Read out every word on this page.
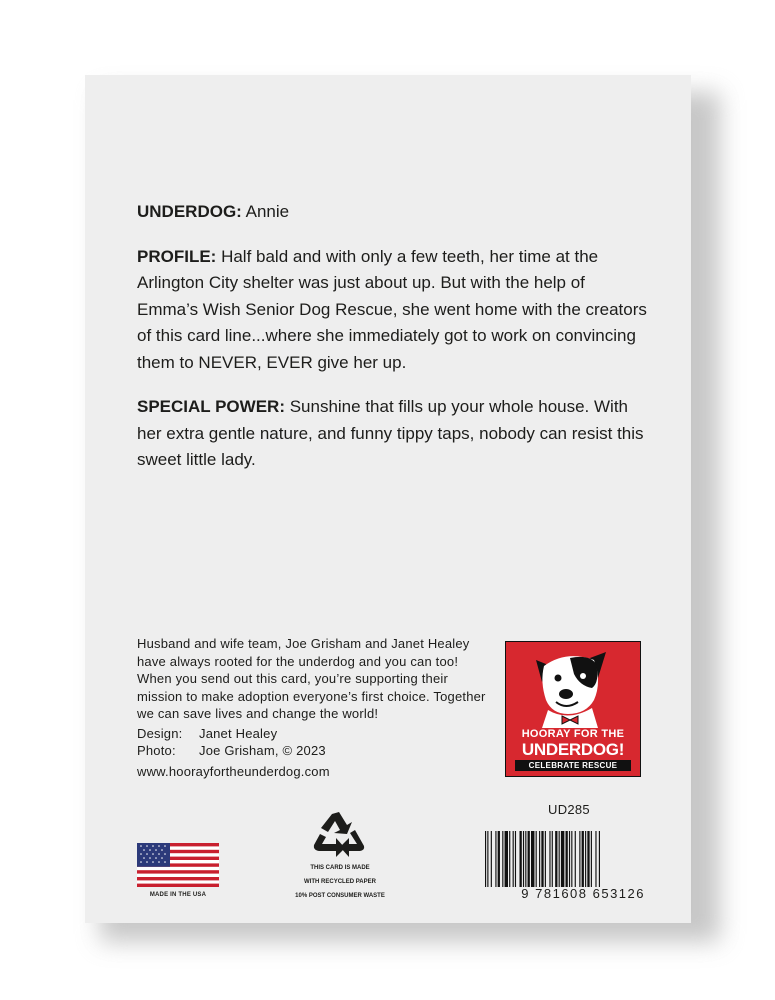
UNDERDOG: Annie

PROFILE: Half bald and with only a few teeth, her time at the Arlington City shelter was just about up. But with the help of Emma’s Wish Senior Dog Rescue, she went home with the creators of this card line...where she immediately got to work on convincing them to NEVER, EVER give her up.

SPECIAL POWER: Sunshine that fills up your whole house. With her extra gentle nature, and funny tippy taps, nobody can resist this sweet little lady.

Husband and wife team, Joe Grisham and Janet Healey have always rooted for the underdog and you can too!
When you send out this card, you’re supporting their mission to make adoption everyone’s first choice. Together we can save lives and change the world!
Design:	Janet Healey
Photo:	Joe Grisham, © 2023
www.hoorayfortheunderdog.com
HOORAY FOR THE
UNDERDOG!
CELEBRATE RESCUE
UD285
MADE IN THE USA
THIS CARD IS MADE
WITH RECYCLED PAPER
10% POST CONSUMER WASTE	9 781608 653126
